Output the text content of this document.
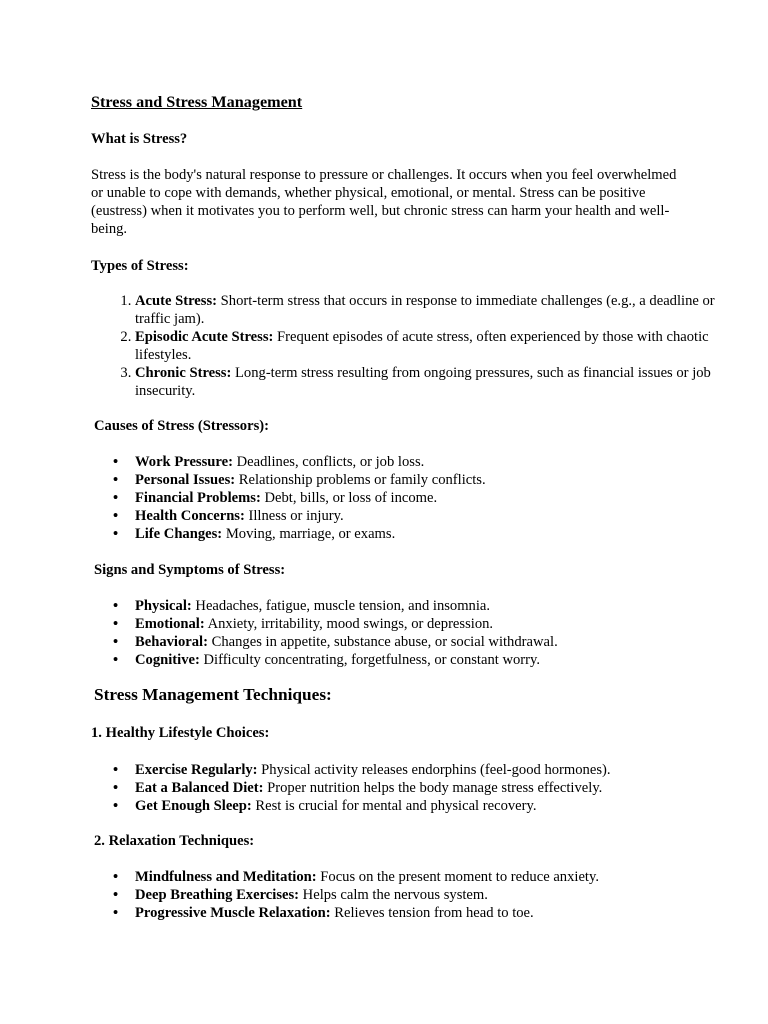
Stress and Stress Management
What is Stress?

Stress is the body's natural response to pressure or challenges. It occurs when you feel overwhelmed or unable to cope with demands, whether physical, emotional, or mental. Stress can be positive (eustress) when it motivates you to perform well, but chronic stress can harm your health and well-being.

Types of Stress:
1. Acute Stress: Short-term stress that occurs in response to immediate challenges (e.g., a deadline or traffic jam).
2. Episodic Acute Stress: Frequent episodes of acute stress, often experienced by those with chaotic lifestyles.
3. Chronic Stress: Long-term stress resulting from ongoing pressures, such as financial issues or job insecurity.
Causes of Stress (Stressors):
• Work Pressure: Deadlines, conflicts, or job loss.
• Personal Issues: Relationship problems or family conflicts.
• Financial Problems: Debt, bills, or loss of income.
• Health Concerns: Illness or injury.
• Life Changes: Moving, marriage, or exams.
Signs and Symptoms of Stress:
• Physical: Headaches, fatigue, muscle tension, and insomnia.
• Emotional: Anxiety, irritability, mood swings, or depression.
• Behavioral: Changes in appetite, substance abuse, or social withdrawal.
• Cognitive: Difficulty concentrating, forgetfulness, or constant worry.
Stress Management Techniques:
1. Healthy Lifestyle Choices:
• Exercise Regularly: Physical activity releases endorphins (feel-good hormones).
• Eat a Balanced Diet: Proper nutrition helps the body manage stress effectively.
• Get Enough Sleep: Rest is crucial for mental and physical recovery.
2. Relaxation Techniques:
• Mindfulness and Meditation: Focus on the present moment to reduce anxiety.
• Deep Breathing Exercises: Helps calm the nervous system.
• Progressive Muscle Relaxation: Relieves tension from head to toe.
